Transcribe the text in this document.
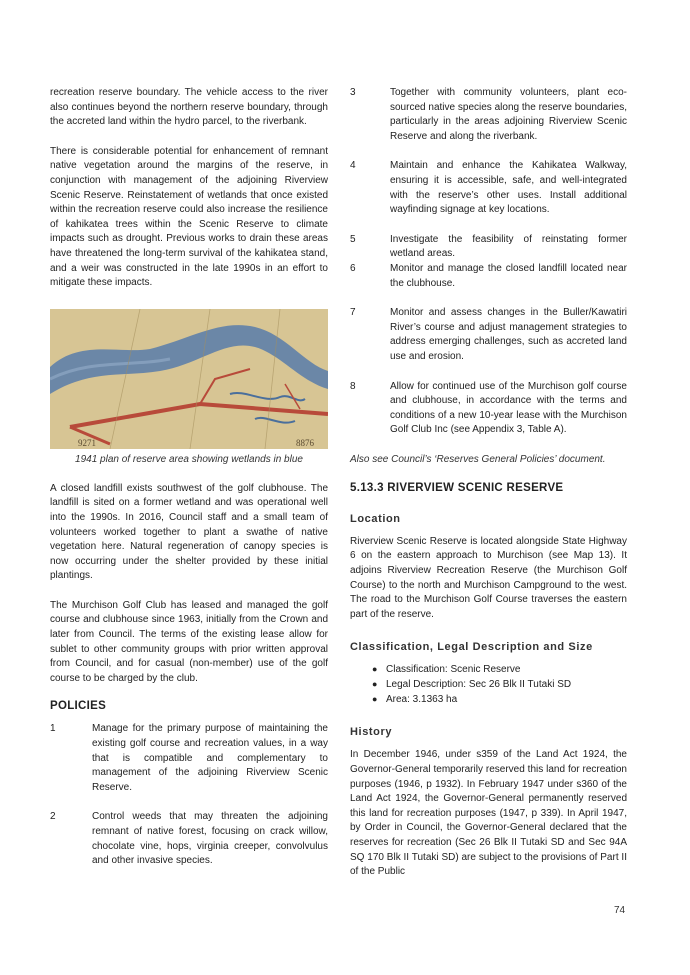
recreation reserve boundary. The vehicle access to the river also continues beyond the northern reserve boundary, through the accreted land within the hydro parcel, to the riverbank.

There is considerable potential for enhancement of remnant native vegetation around the margins of the reserve, in conjunction with management of the adjoining Riverview Scenic Reserve. Reinstatement of wetlands that once existed within the recreation reserve could also increase the resilience of kahikatea trees within the Scenic Reserve to climate impacts such as drought. Previous works to drain these areas have threatened the long-term survival of the kahikatea stand, and a weir was constructed in the late 1990s in an effort to mitigate these impacts.

9271	8876
1941 plan of reserve area showing wetlands in blue

A closed landfill exists southwest of the golf clubhouse. The landfill is sited on a former wetland and was operational well into the 1990s. In 2016, Council staff and a small team of volunteers worked together to plant a swathe of native vegetation here. Natural regeneration of canopy species is now occurring under the shelter provided by these initial plantings.

The Murchison Golf Club has leased and managed the golf course and clubhouse since 1963, initially from the Crown and later from Council. The terms of the existing lease allow for sublet to other community groups with prior written approval from Council, and for casual (non-member) use of the golf course to be charged by the club.

POLICIES
1	Manage for the primary purpose of maintaining the existing golf course and recreation values, in a way that is compatible and complementary to management of the adjoining Riverview Scenic Reserve.
2	Control weeds that may threaten the adjoining remnant of native forest, focusing on crack willow, chocolate vine, hops, virginia creeper, convolvulus and other invasive species.
3	Together with community volunteers, plant eco-sourced native species along the reserve boundaries, particularly in the areas adjoining Riverview Scenic Reserve and along the riverbank.
4	Maintain and enhance the Kahikatea Walkway, ensuring it is accessible, safe, and well-integrated with the reserve’s other uses. Install additional wayfinding signage at key locations.
5	Investigate the feasibility of reinstating former wetland areas.
6	Monitor and manage the closed landfill located near the clubhouse.
7	Monitor and assess changes in the Buller/Kawatiri River’s course and adjust management strategies to address emerging challenges, such as accreted land use and erosion.
8	Allow for continued use of the Murchison golf course and clubhouse, in accordance with the terms and conditions of a new 10-year lease with the Murchison Golf Club Inc (see Appendix 3, Table A).
Also see Council’s ‘Reserves General Policies’ document.
5.13.3 RIVERVIEW SCENIC RESERVE
Location

Riverview Scenic Reserve is located alongside State Highway 6 on the eastern approach to Murchison (see Map 13). It adjoins Riverview Recreation Reserve (the Murchison Golf Course) to the north and Murchison Campground to the west. The road to the Murchison Golf Course traverses the eastern part of the reserve.

Classification, Legal Description and Size
● Classification: Scenic Reserve
● Legal Description: Sec 26 Blk II Tutaki SD
● Area: 3.1363 ha
History

In December 1946, under s359 of the Land Act 1924, the Governor-General temporarily reserved this land for recreation purposes (1946, p 1932). In February 1947 under s360 of the Land Act 1924, the Governor-General permanently reserved this land for recreation purposes (1947, p 339). In April 1947, by Order in Council, the Governor-General declared that the reserves for recreation (Sec 26 Blk II Tutaki SD and Sec 94A SQ 170 Blk II Tutaki SD) are subject to the provisions of Part II of the Public

74
